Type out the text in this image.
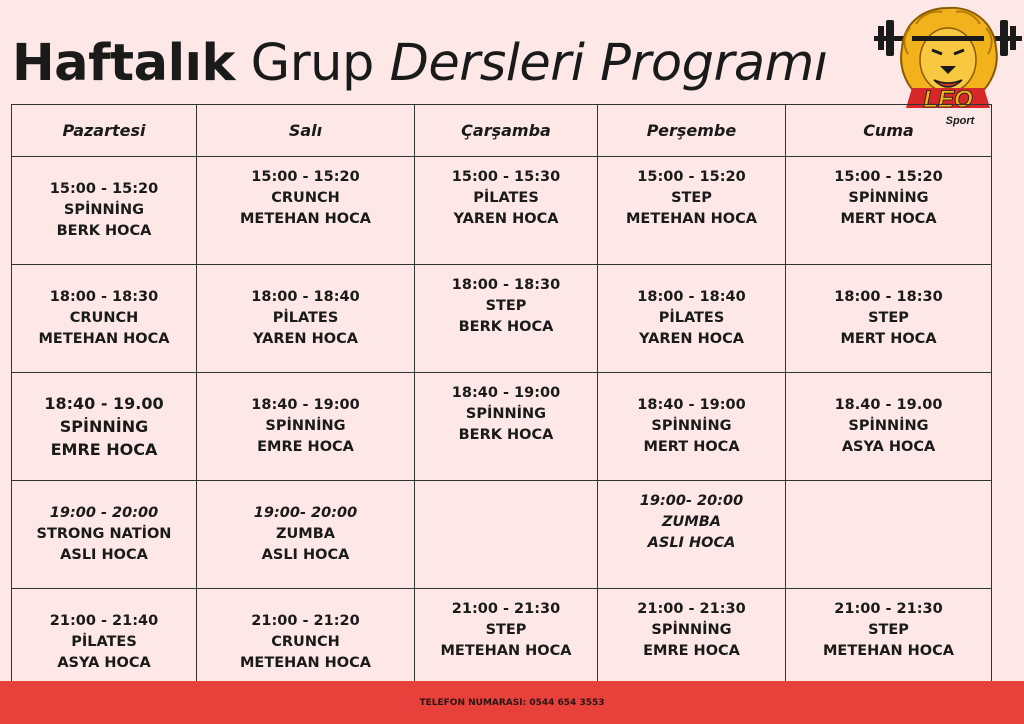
Haftalık Grup Dersleri Programı
LEO
Sport
Pazartesi	Salı	Çarşamba	Perşembe	Cuma

15:00 - 15:20
SPİNNİNG
BERK HOCA	15:00 - 15:20
CRUNCH
METEHAN HOCA	15:00 - 15:30
PİLATES
YAREN HOCA	15:00 - 15:20
STEP
METEHAN HOCA	15:00 - 15:20
SPİNNİNG
MERT HOCA

18:00 - 18:30
CRUNCH
METEHAN HOCA	18:00 - 18:40
PİLATES
YAREN HOCA	18:00 - 18:30
STEP
BERK HOCA	18:00 - 18:40
PİLATES
YAREN HOCA	18:00 - 18:30
STEP
MERT HOCA

18:40 - 19.00
SPİNNİNG
EMRE HOCA	18:40 - 19:00
SPİNNİNG
EMRE HOCA	18:40 - 19:00
SPİNNİNG
BERK HOCA	18:40 - 19:00
SPİNNİNG
MERT HOCA	18.40 - 19.00
SPİNNİNG
ASYA HOCA

19:00 - 20:00
STRONG NATİON
ASLI HOCA	19:00- 20:00
ZUMBA
ASLI HOCA		19:00- 20:00
ZUMBA
ASLI HOCA	

21:00 - 21:40
PİLATES
ASYA HOCA	21:00 - 21:20
CRUNCH
METEHAN HOCA	21:00 - 21:30
STEP
METEHAN HOCA	21:00 - 21:30
SPİNNİNG
EMRE HOCA	21:00 - 21:30
STEP
METEHAN HOCA
TELEFON NUMARASI: 0544 654 3553
